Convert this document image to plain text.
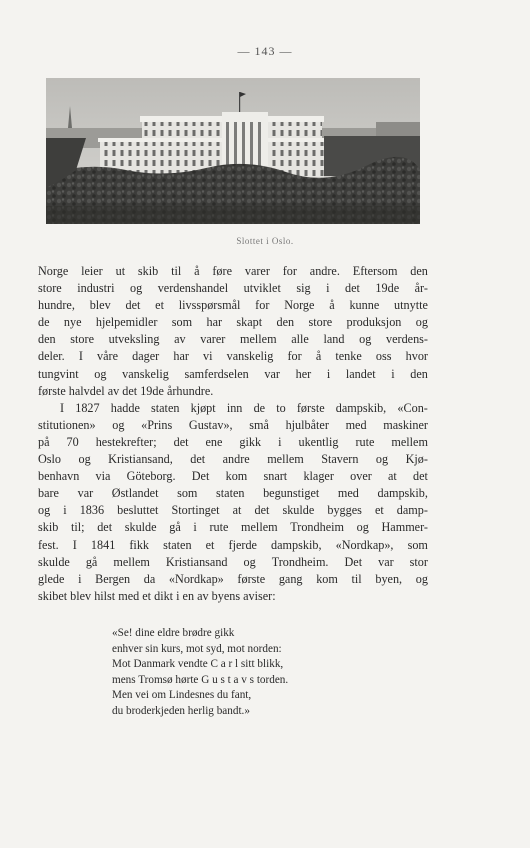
— 143 —
Slottet i Oslo.
Norge leier ut skib til å føre varer for andre. Eftersom den
store industri og verdenshandel utviklet sig i det 19de år-
hundre, blev det et livsspørsmål for Norge å kunne utnytte
de nye hjelpemidler som har skapt den store produksjon og
den store utveksling av varer mellem alle land og verdens-
deler. I våre dager har vi vanskelig for å tenke oss hvor
tungvint og vanskelig samferdselen var her i landet i den
første halvdel av det 19de århundre.
I 1827 hadde staten kjøpt inn de to første dampskib, «Con-
stitutionen» og «Prins Gustav», små hjulbåter med maskiner
på 70 hestekrefter; det ene gikk i ukentlig rute mellem
Oslo og Kristiansand, det andre mellem Stavern og Kjø-
benhavn via Göteborg. Det kom snart klager over at det
bare var Østlandet som staten begunstiget med dampskib,
og i 1836 besluttet Stortinget at det skulde bygges et damp-
skib til; det skulde gå i rute mellem Trondheim og Hammer-
fest. I 1841 fikk staten et fjerde dampskib, «Nordkap», som
skulde gå mellem Kristiansand og Trondheim. Det var stor
glede i Bergen da «Nordkap» første gang kom til byen, og
skibet blev hilst med et dikt i en av byens aviser:
«Se! dine eldre brødre gikk
enhver sin kurs, mot syd, mot norden:
Mot Danmark vendte C a r l sitt blikk,
mens Tromsø hørte G u s t a v s torden.
Men vei om Lindesnes du fant,
du broderkjeden herlig bandt.»
